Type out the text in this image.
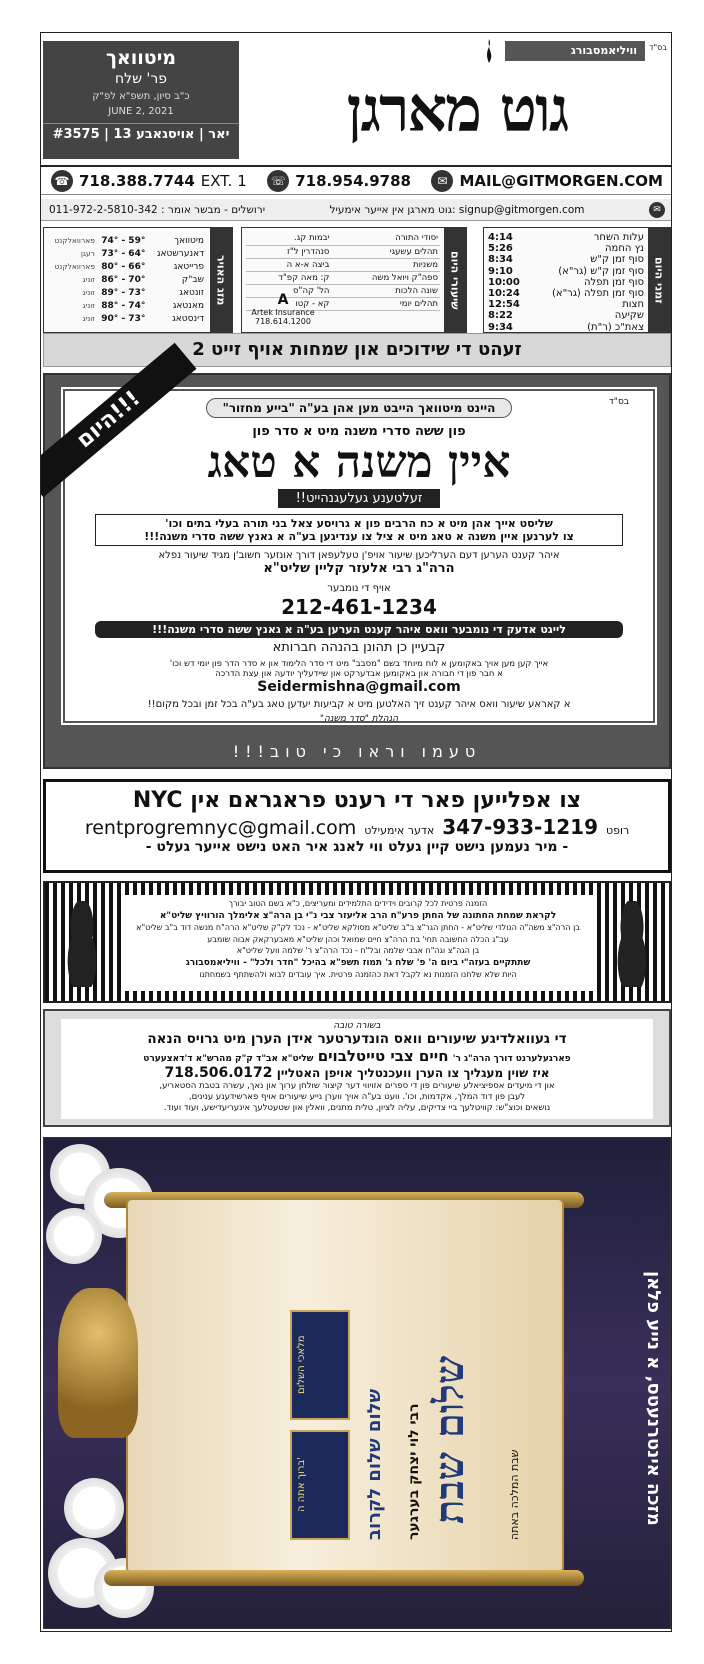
מיטוואך
פר' שלח
כ"ב סיון, תשפ"א לפ"ק
JUNE 2, 2021
#3575 | 13 יאר | אויסגאבע
וויליאמסבורג	בס"ד
גוט מארגן
☎ 718.388.7744 EXT. 1 ☏ 718.954.9788	✉ MAIL@GITMORGEN.COM
011-972-2-5810-342 : ירושלים - מבשר אומר	signup@gitmorgen.com :גוט מארגן אין אייער אימעיל	✉
זמני היום
עלות השחר
4:14
נץ החמה
5:26
סוף זמן ק"ש
8:34
סוף זמן ק"ש (גר"א)
9:10
סוף זמן תפלה
10:00
סוף זמן תפלה (גר"א)
10:24
חצות
12:54
שקיעה
8:22
צאת"כ (ר"ת)
9:34
שיעורי היום
יסודי התורה	יבמות קג.
תהלים עשעגי	סנהדרין ל"ז
משניות	ביצה א-א ה
ספה"ק ויואל משה	ק: מאה קפ"ד
שונה הלכות	הל' קה"ס
תהלים יומי	קא - קטו
A
Artek Insurance
718.614.1200
מזג האויר
מיטוואך	74° - 59°	פארוואלקנט
דאנערשטאג	73° - 64°	רעגן
פרייטאג	80° - 66°	פארוואלקנט
שב"ק	86° - 70°	זוניג
זונטאג	89° - 73°	זוניג
מאנטאג	88° - 74°	זוניג
דינסטאג	90° - 73°	זוניג
זעהט די שידוכים און שמחות אויף זייט 2
בס"ד
היינט מיטוואך הייבט מען אהן בע"ה "בייע מחזור"
פון ששה סדרי משנה מיט א סדר פון
איין משנה א טאג
זעלטענע געלעגנהייט!!
שליסט אייך אהן מיט א כח הרבים פון א גרויסע צאל בני תורה בעלי בתים וכו'
צו לערנען איין משנה א טאג מיט א ציל צו ענדיגען בע"ה א גאנץ ששה סדרי משנה!!!
איהר קענט הערען דעם הערליכען שיעור אויפ'ן טעלעפאן דורך אונזער חשוב'ן מגיד שיעור נפלא
הרה"ג רבי אלעזר קליין שליט"א
אויף די נומבער
212-461-1234
לייגט אדעק די נומבער וואס איהר קענט הערען בע"ה א גאנץ ששה סדרי משנה!!!
קבעיין כן תהונן בהנהה חברותא
אייך קען מען אויך באקומען א לוח מיוחד בשם "מסבב" מיט די סדר הלימוד און א סדר הדר פון יומי דש וכו'
א חבר פון די חבורה און באקומען אבדערקט און שיידעליך יודעה און עצת הדרכה
Seidermishna@gmail.com
א קאראע שיעור וואס איהר קענט זיך האלטען מיט א קביעות יעדען טאג בע"ה בכל זמן ובכל מקום!!
הנהלת "סדר משנה"
היום!!!
טעמו וראו כי טוב!!!
צו אפלייען פאר די רענט פראגראם אין NYC
רופט
347-933-1219
אדער אימעילט
rentprogremnyc@gmail.com
- מיר נעמען נישט קיין געלט ווי לאנג איר האט נישט אייער געלט -
הזמנה פרטית לכל קרובים וידידים התלמידים ומעריצים, כ"א בשם הטוב יבורך
לקראת שמחת החתונה של החתן פרע"ח הרב אליעזר צבי נ"י בן הרה"צ אלימלך הורוויץ שליט"א
בן הרה"צ משה"ה הנולדי שליט"א - החתן הגר"צ ב"ב שליט"א מסולקא שליט"א - נכד לק"ק שליט"א הרה"ח מנשה דוד ב"ב שליט"א
עב"ג הכלה החשובה תחי' בת הרה"צ חיים שמואל וכהן שליט"א מאבערקאק אבוה שומבע
בן הגה"צ וגה"ח אבבי שלמה ובל"ח - נכד הרה"צ ר' שלמה וועל שליט"א
שתתקיים בעזה"י ביום ה' פ' שלח ג' תמוז תשפ"א בהיכל "חדר ולכל" - וויליאמסבורג
היות שלא שלחנו הזמנות נא לקבל דאת כהזמנה פרטית. איך עובדים לבוא ולהשתתף בשמחתנו
בשורה טובה
די געוואלדיגע שיעורים וואס הונדערטער אידן הערן מיט גרויס הנאה
פארגעלערנט דורך הרה"ג ר' חיים צבי טייטלבוים שליט"א אב"ד ק"ק מהרש"א ד'דאצעערט
איז שוין מעגליך צו הערן וועכנטליך אויפן האטליין 718.506.0172
און די מיעדים אספיציאלע שיעורים פון די ספרים אזויווי דער קיצור שולחן ערוך און נאך, עשרה בטבת הסטאריע,
לעבן פון דוד המלך, אקדמות, וכו'. וועט בע"ה אויך ווערן נייע שיעורים אויף פארשידענע ענינים,
נושאים וכוצ"ש: קוויטלעך ביי צדיקים, עליה לציון, טלית מתנים, וואלין און שטעטלעך אינעריעדישע, ועוד ועוד.
שלום שבת
שלום שלום לקרוב רבי לוי יצחק בערגער	שבת המלכה באתה
מלאכי השלום
ברוך אתה ה'	מזכה אינטרנעטס, א נייע פלאן
